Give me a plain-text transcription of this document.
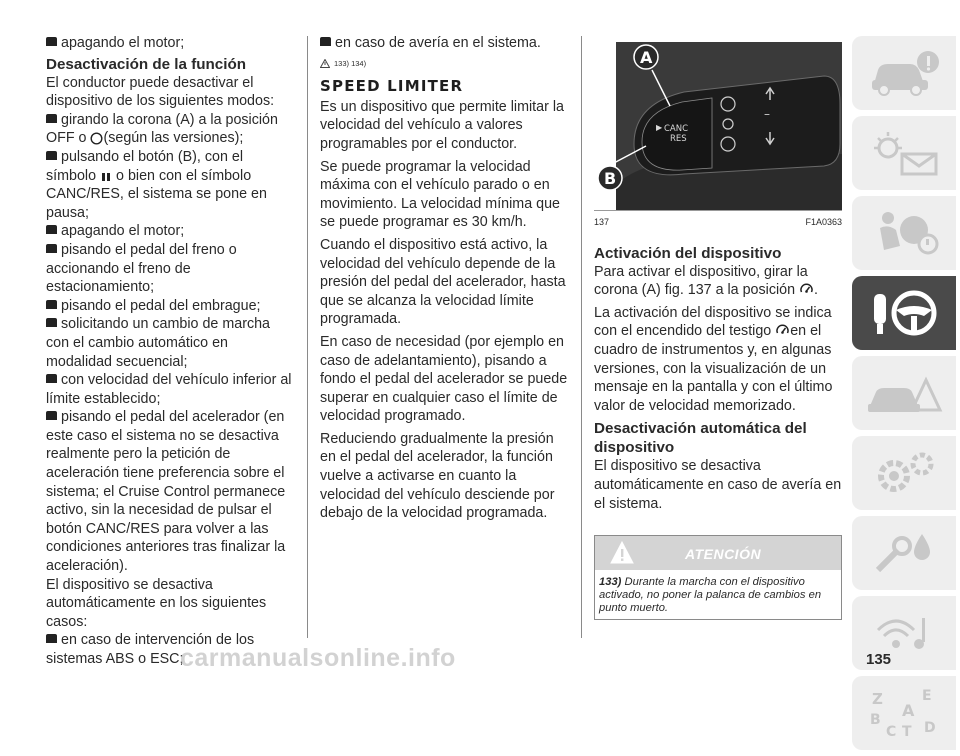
apagando el motor;

Desactivación de la función

El conductor puede desactivar el dispositivo de los siguientes modos:

girando la corona (A) a la posición OFF o (según las versiones);

pulsando el botón (B), con el símbolo  o bien con el símbolo CANC/RES, el sistema se pone en pausa;

apagando el motor;

pisando el pedal del freno o accionando el freno de estacionamiento;

pisando el pedal del embrague;

solicitando un cambio de marcha con el cambio automático en modalidad secuencial;

con velocidad del vehículo inferior al límite establecido;

pisando el pedal del acelerador (en este caso el sistema no se desactiva realmente pero la petición de aceleración tiene preferencia sobre el sistema; el Cruise Control permanece activo, sin la necesidad de pulsar el botón CANC/RES para volver a las condiciones anteriores tras finalizar la aceleración).

El dispositivo se desactiva automáticamente en los siguientes casos:

en caso de intervención de los sistemas ABS o ESC;

en caso de avería en el sistema.

133) 134)
SPEED LIMITER

Es un dispositivo que permite limitar la velocidad del vehículo a valores programables por el conductor.

Se puede programar la velocidad máxima con el vehículo parado o en movimiento. La velocidad mínima que se puede programar es 30 km/h.

Cuando el dispositivo está activo, la velocidad del vehículo depende de la presión del pedal del acelerador, hasta que se alcanza la velocidad límite programada.

En caso de necesidad (por ejemplo en caso de adelantamiento), pisando a fondo el pedal del acelerador se puede superar en cualquier caso el límite de velocidad programado.

Reduciendo gradualmente la presión en el pedal del acelerador, la función vuelve a activarse en cuanto la velocidad del vehículo desciende por debajo de la velocidad programada.

–
▶ CANC
RES
A
B
137	F1A0363
Activación del dispositivo

Para activar el dispositivo, girar la corona (A) fig. 137 a la posición .

La activación del dispositivo se indica con el encendido del testigo en el cuadro de instrumentos y, en algunas versiones, con la visualización de un mensaje en la pantalla y con el último valor de velocidad memorizado.

Desactivación automática del dispositivo

El dispositivo se desactiva automáticamente en caso de avería en el sistema.

ATENCIÓN
133) Durante la marcha con el dispositivo activado, no poner la palanca de cambios en punto muerto.
Z	E
A
B
C T D
carmanualsonline.info	135
